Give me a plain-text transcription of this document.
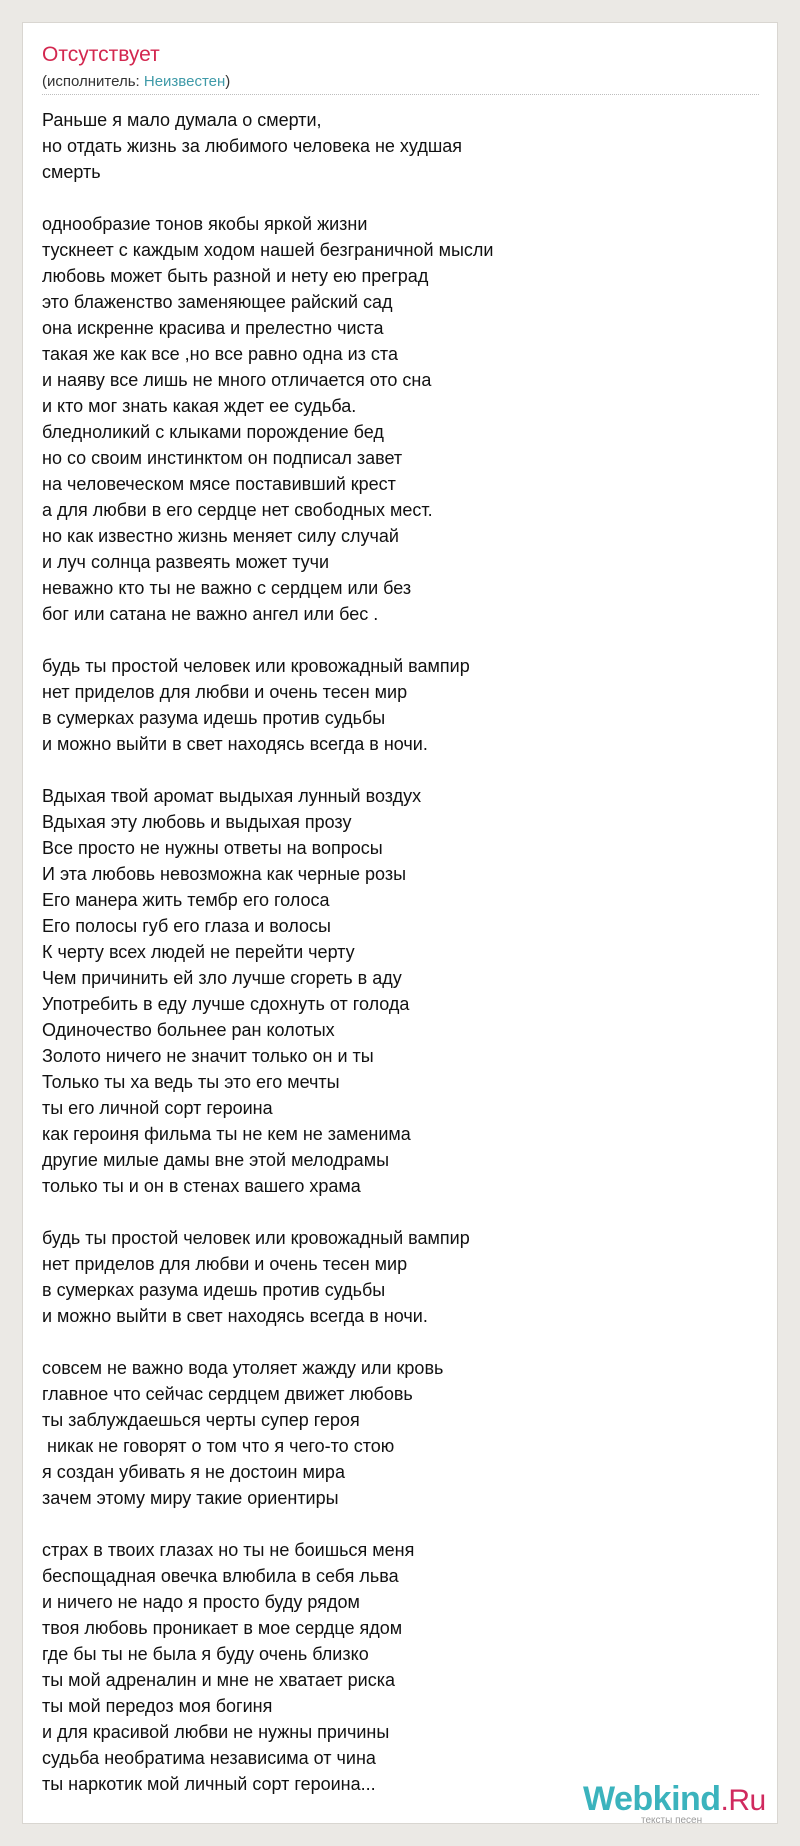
Отсутствует
(исполнитель: Неизвестен)
Раньше я мало думала о смерти,
но отдать жизнь за любимого человека не худшая
смерть
однообразие тонов якобы яркой жизни
тускнеет с каждым ходом нашей безграничной мысли
любовь может быть разной и нету ею преград
это блаженство заменяющее райский сад
она искренне красива и прелестно чиста
такая же как все ,но все равно одна из ста
и наяву все лишь не много отличается ото сна
и кто мог знать какая ждет ее судьба.
бледноликий с клыками порождение бед
но со своим инстинктом он подписал завет
на человеческом мясе поставивший крест
а для любви в его сердце нет свободных мест.
но как известно жизнь меняет силу случай
и луч солнца развеять может тучи
неважно кто ты не важно с сердцем или без
бог или сатана не важно ангел или бес .
будь ты простой человек или кровожадный вампир
нет приделов для любви и очень тесен мир
в сумерках разума идешь против судьбы
и можно выйти в свет находясь всегда в ночи.
Вдыхая твой аромат выдыхая лунный воздух
Вдыхая эту любовь и выдыхая прозу
Все просто не нужны ответы на вопросы
И эта любовь невозможна как черные розы
Его манера жить тембр его голоса
Его полосы губ его глаза и волосы
К черту всех людей не перейти черту
Чем причинить ей зло лучше сгореть в аду
Употребить в еду лучше сдохнуть от голода
Одиночество больнее ран колотых
Золото ничего не значит только он и ты
Только ты ха ведь ты это его мечты
ты его личной сорт героина
как героиня фильма ты не кем не заменима
другие милые дамы вне этой мелодрамы
только ты и он в стенах вашего храма
будь ты простой человек или кровожадный вампир
нет приделов для любви и очень тесен мир
в сумерках разума идешь против судьбы
и можно выйти в свет находясь всегда в ночи.
совсем не важно вода утоляет жажду или кровь
главное что сейчас сердцем движет любовь
ты заблуждаешься черты супер героя
никак не говорят о том что я чего-то стою
я создан убивать я не достоин мира
зачем этому миру такие ориентиры
страх в твоих глазах но ты не боишься меня
беспощадная овечка влюбила в себя льва
и ничего не надо я просто буду рядом
твоя любовь проникает в мое сердце ядом
где бы ты не была я буду очень близко
ты мой адреналин и мне не хватает риска
ты мой передоз моя богиня
и для красивой любви не нужны причины
судьба необратима независима от чина
ты наркотик мой личный сорт героина...	Webkind.Ru
тексты песен
